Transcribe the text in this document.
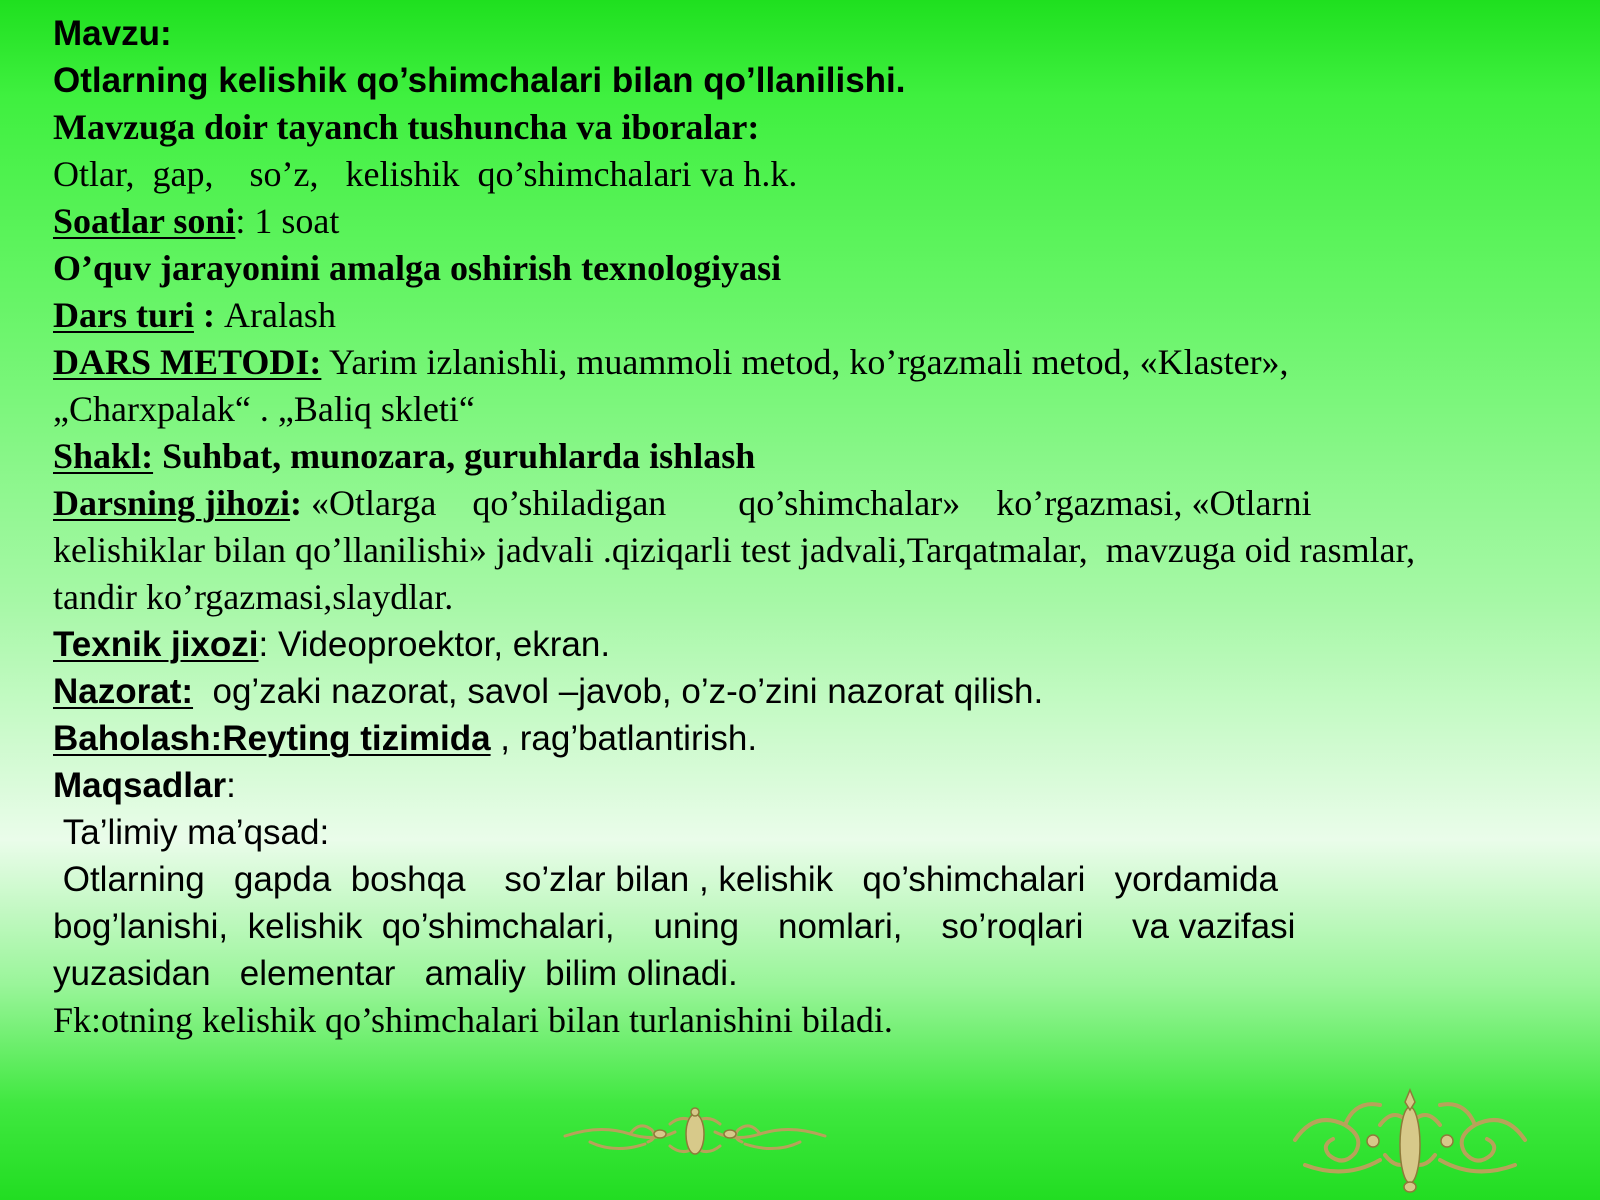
Mavzu:

Otlarning kelishik qo’shimchalari bilan qo’llanilishi.

Mavzuga doir tayanch tushuncha va iboralar:

Otlar,  gap,    so’z,   kelishik  qo’shimchalari va h.k.

Soatlar soni: 1 soat

O’quv jarayonini amalga oshirish texnologiyasi

Dars turi : Aralash

DARS METODI: Yarim izlanishli, muammoli metod, ko’rgazmali metod, «Klaster»,

„Charxpalak“ . „Baliq skleti“

Shakl: Suhbat, munozara, guruhlarda ishlash

Darsning jihozi: «Otlarga    qo’shiladigan        qo’shimchalar»    ko’rgazmasi, «Otlarni

kelishiklar bilan qo’llanilishi» jadvali .qiziqarli test jadvali,Tarqatmalar,  mavzuga oid rasmlar,

tandir ko’rgazmasi,slaydlar.

Texnik jixozi: Videoproektor, ekran.

Nazorat:  og’zaki nazorat, savol –javob, o’z-o’zini nazorat qilish.

Baholash:Reyting tizimida , rag’batlantirish.

Maqsadlar:

Ta’limiy ma’qsad:

Otlarning   gapda  boshqa    so’zlar bilan , kelishik   qo’shimchalari   yordamida

bog’lanishi,  kelishik  qo’shimchalari,    uning    nomlari,    so’roqlari     va vazifasi

yuzasidan   elementar   amaliy  bilim olinadi.

Fk:otning kelishik qo’shimchalari bilan turlanishini biladi.
